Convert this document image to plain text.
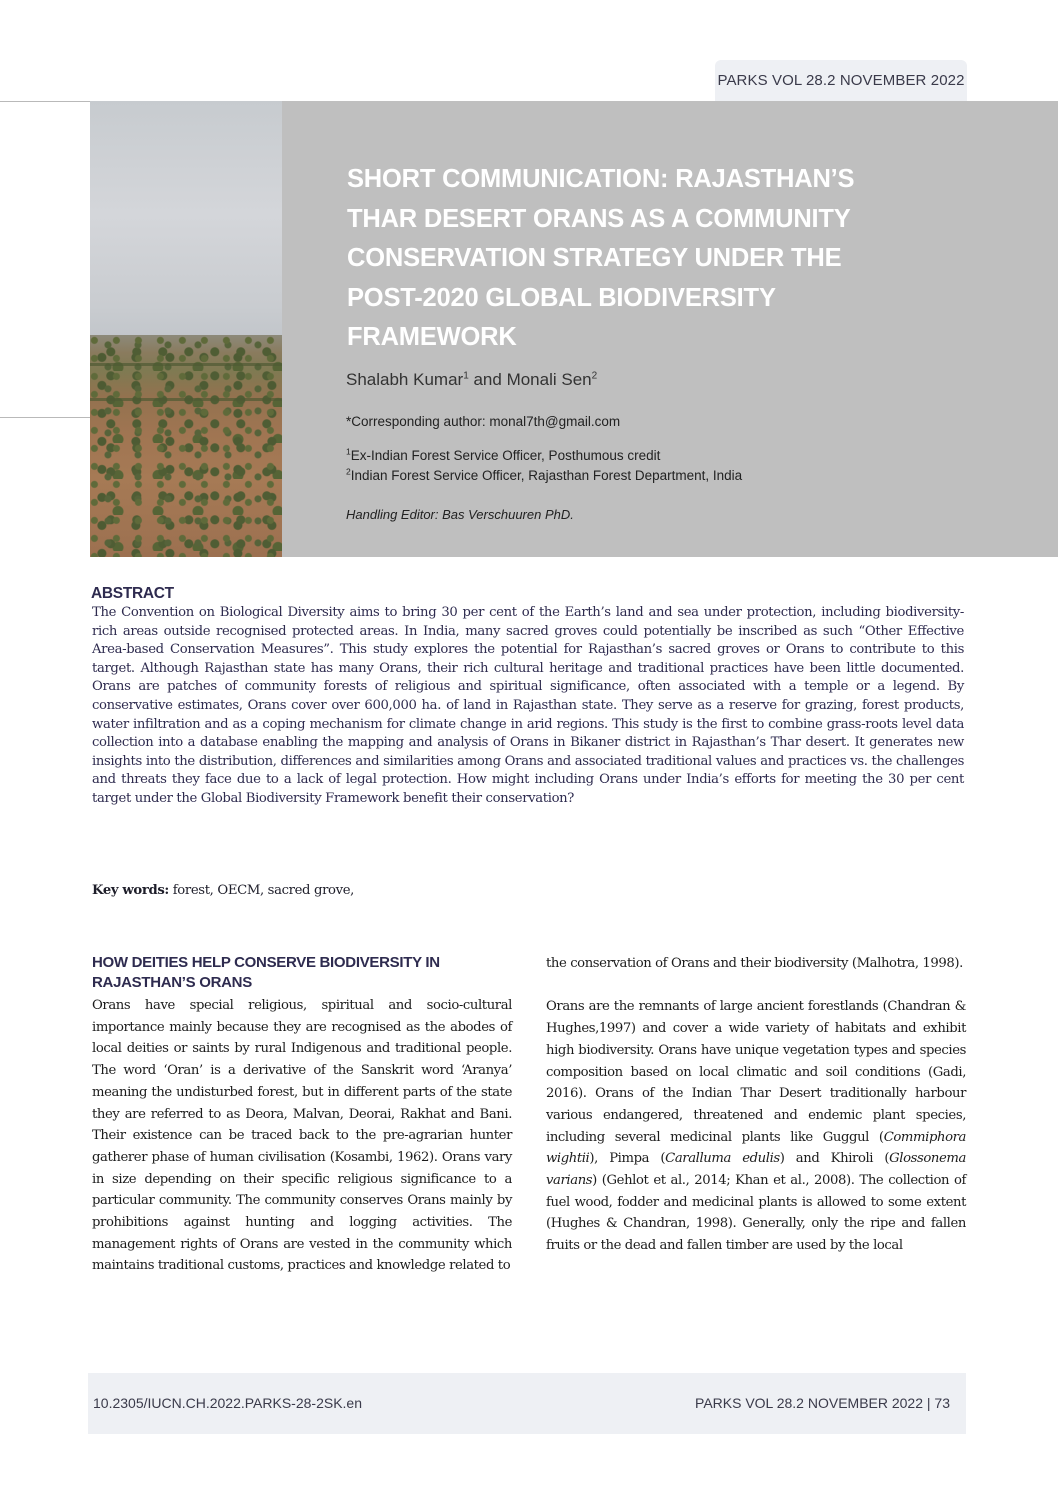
PARKS VOL 28.2 NOVEMBER 2022
SHORT COMMUNICATION: RAJASTHAN’S THAR DESERT ORANS AS A COMMUNITY CONSERVATION STRATEGY UNDER THE POST-2020 GLOBAL BIODIVERSITY FRAMEWORK
Shalabh Kumar$^1$ and Monali Sen$^2$
*Corresponding author: monal7th@gmail.com
$^1$Ex-Indian Forest Service Officer, Posthumous credit
$^2$Indian Forest Service Officer, Rajasthan Forest Department, India
Handling Editor: Bas Verschuuren PhD.
ABSTRACT

The Convention on Biological Diversity aims to bring 30 per cent of the Earth’s land and sea under protection, including biodiversity-rich areas outside recognised protected areas. In India, many sacred groves could potentially be inscribed as such “Other Effective Area-based Conservation Measures”. This study explores the potential for Rajasthan’s sacred groves or Orans to contribute to this target. Although Rajasthan state has many Orans, their rich cultural heritage and traditional practices have been little documented. Orans are patches of community forests of religious and spiritual significance, often associated with a temple or a legend. By conservative estimates, Orans cover over 600,000 ha. of land in Rajasthan state. They serve as a reserve for grazing, forest products, water infiltration and as a coping mechanism for climate change in arid regions. This study is the first to combine grass-roots level data collection into a database enabling the mapping and analysis of Orans in Bikaner district in Rajasthan’s Thar desert. It generates new insights into the distribution, differences and similarities among Orans and associated traditional values and practices vs. the challenges and threats they face due to a lack of legal protection. How might including Orans under India’s efforts for meeting the 30 per cent target under the Global Biodiversity Framework benefit their conservation?

Key words: forest, OECM, sacred grove,

HOW DEITIES HELP CONSERVE BIODIVERSITY IN RAJASTHAN’S ORANS

Orans have special religious, spiritual and socio-cultural importance mainly because they are recognised as the abodes of local deities or saints by rural Indigenous and traditional people. The word ‘Oran’ is a derivative of the Sanskrit word ‘Aranya’ meaning the undisturbed forest, but in different parts of the state they are referred to as Deora, Malvan, Deorai, Rakhat and Bani. Their existence can be traced back to the pre-agrarian hunter gatherer phase of human civilisation (Kosambi, 1962). Orans vary in size depending on their specific religious significance to a particular community. The community conserves Orans mainly by prohibitions against hunting and logging activities. The management rights of Orans are vested in the community which maintains traditional customs, practices and knowledge related to

the conservation of Orans and their biodiversity (Malhotra, 1998).

Orans are the remnants of large ancient forestlands (Chandran & Hughes,1997) and cover a wide variety of habitats and exhibit high biodiversity. Orans have unique vegetation types and species composition based on local climatic and soil conditions (Gadi, 2016). Orans of the Indian Thar Desert traditionally harbour various endangered, threatened and endemic plant species, including several medicinal plants like Guggul (Commiphora wightii), Pimpa (Caralluma edulis) and Khiroli (Glossonema varians) (Gehlot et al., 2014; Khan et al., 2008). The collection of fuel wood, fodder and medicinal plants is allowed to some extent (Hughes & Chandran, 1998). Generally, only the ripe and fallen fruits or the dead and fallen timber are used by the local

10.2305/IUCN.CH.2022.PARKS-28-2SK.en	PARKS VOL 28.2 NOVEMBER 2022 | 73
